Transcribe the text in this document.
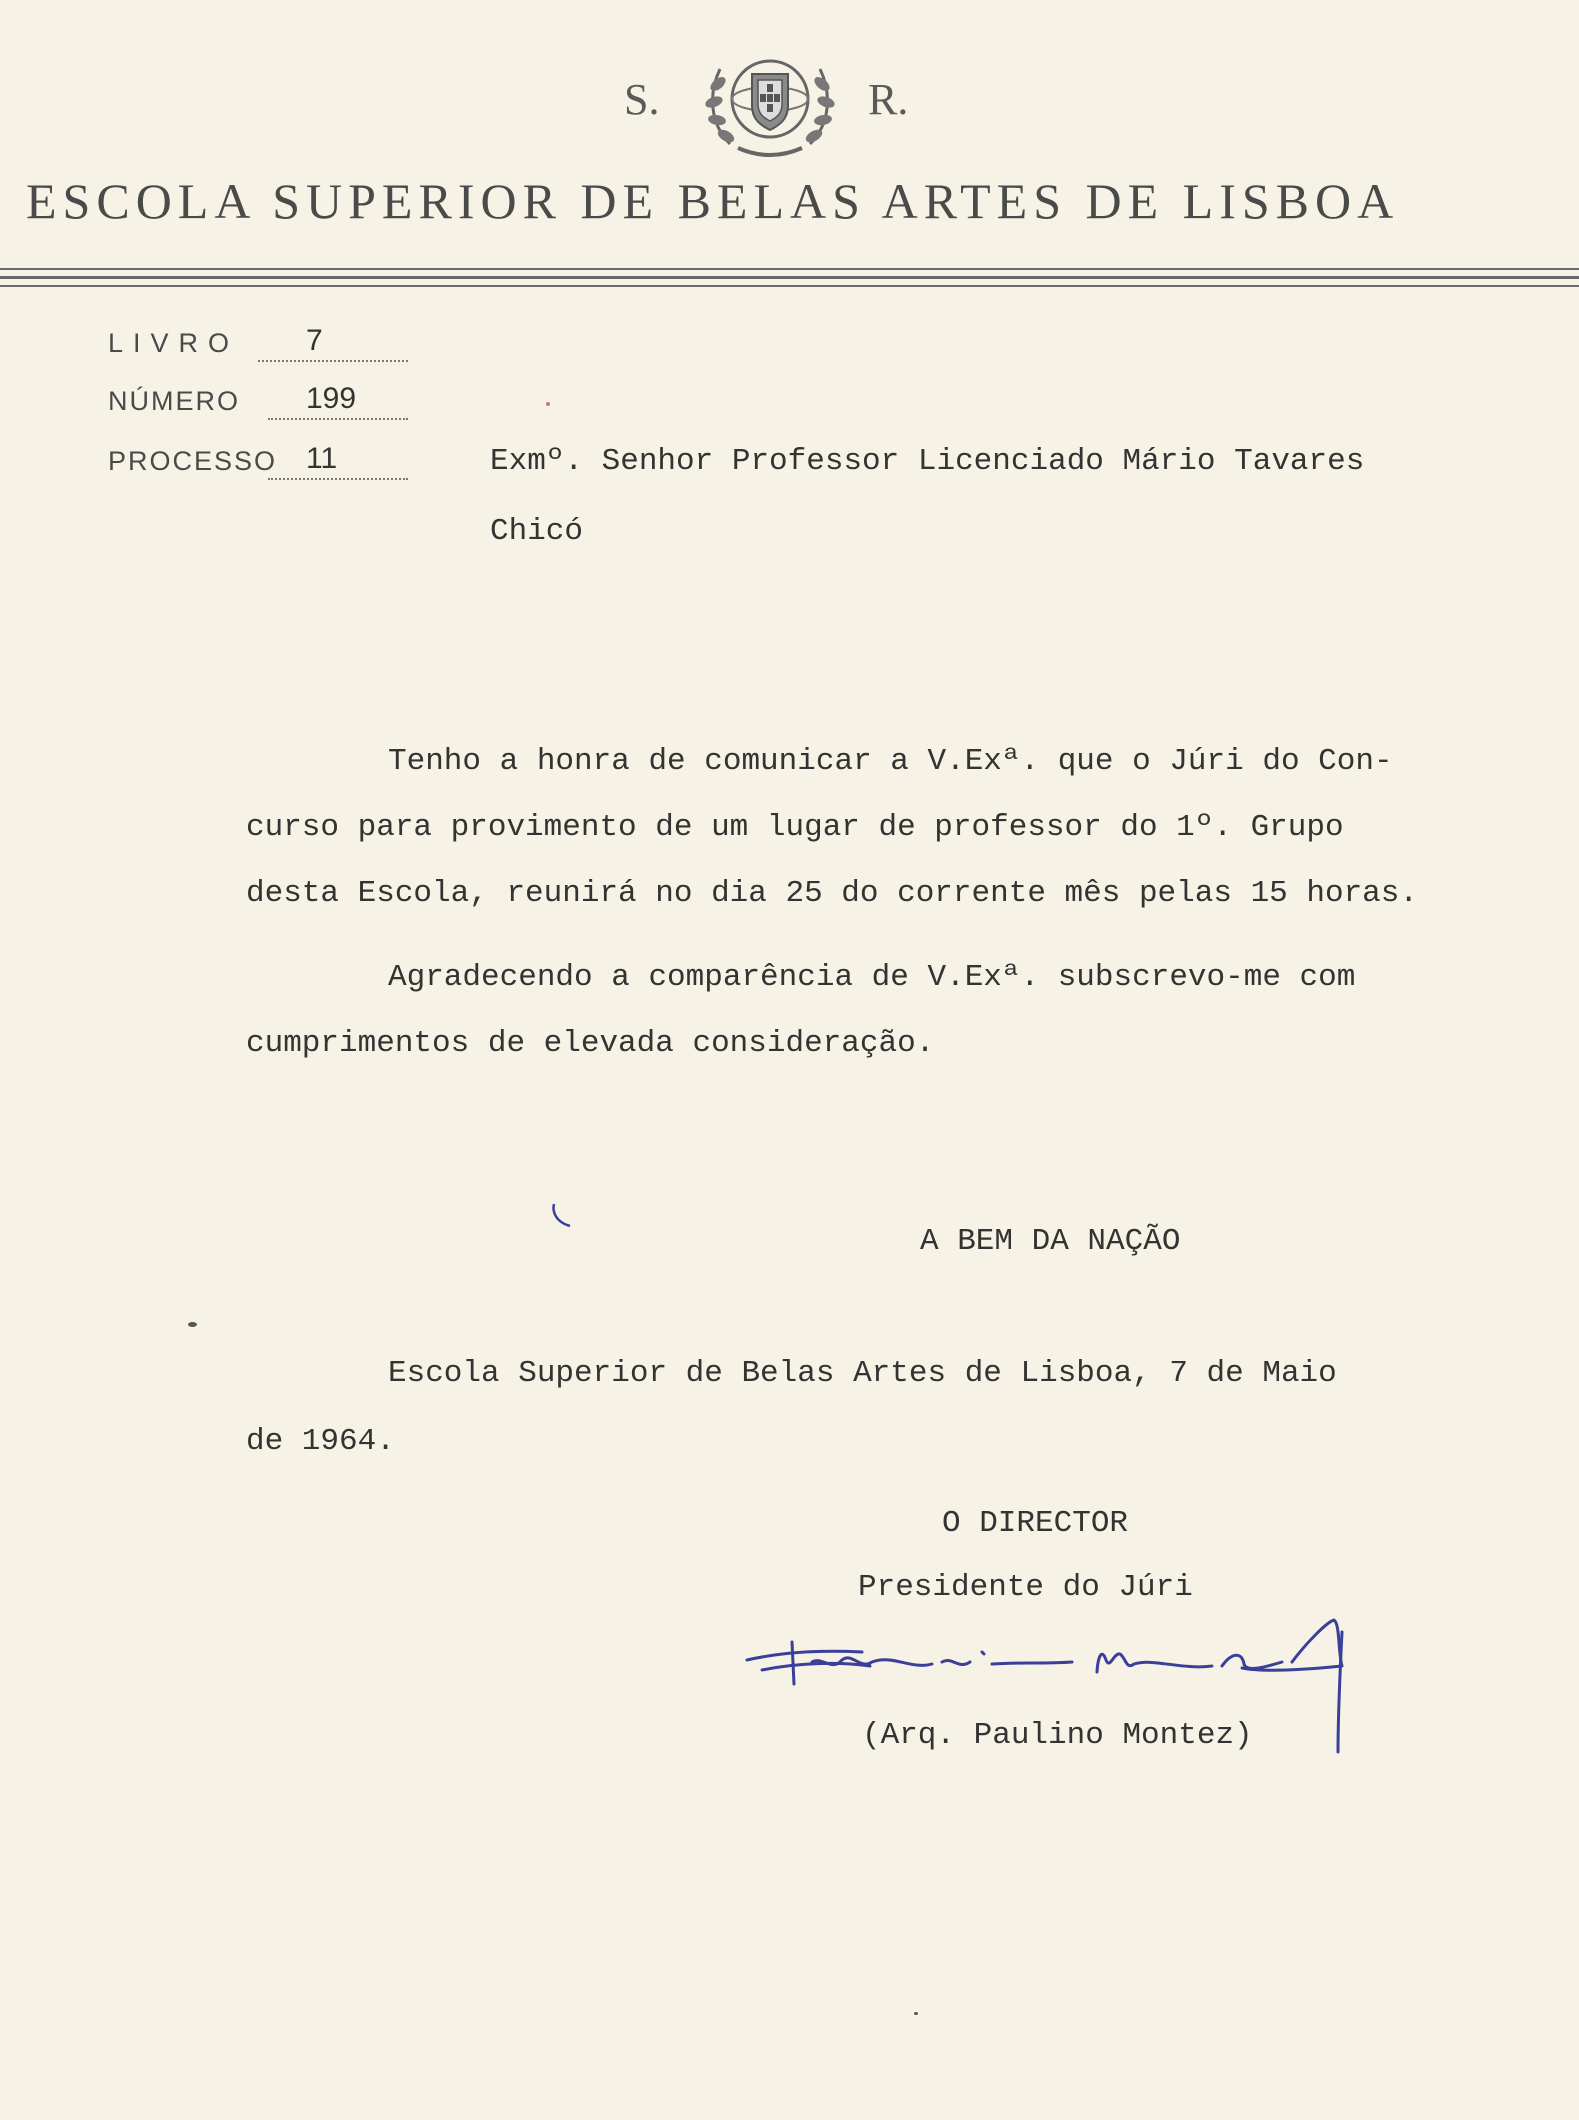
S.	R.
ESCOLA SUPERIOR DE BELAS ARTES DE LISBOA
LIVRO 7
NÚMERO 199
PROCESSO 11	Exmº. Senhor Professor Licenciado Mário Tavares
Chicó
Tenho a honra de comunicar a V.Exª. que o Júri do Con-
curso para provimento de um lugar de professor do 1º. Grupo
desta Escola, reunirá no dia 25 do corrente mês pelas 15 horas.
Agradecendo a comparência de V.Exª. subscrevo-me com
cumprimentos de elevada consideração.
A BEM DA NAÇÃO
Escola Superior de Belas Artes de Lisboa, 7 de Maio
de 1964.
O DIRECTOR
Presidente do Júri
(Arq. Paulino Montez)
